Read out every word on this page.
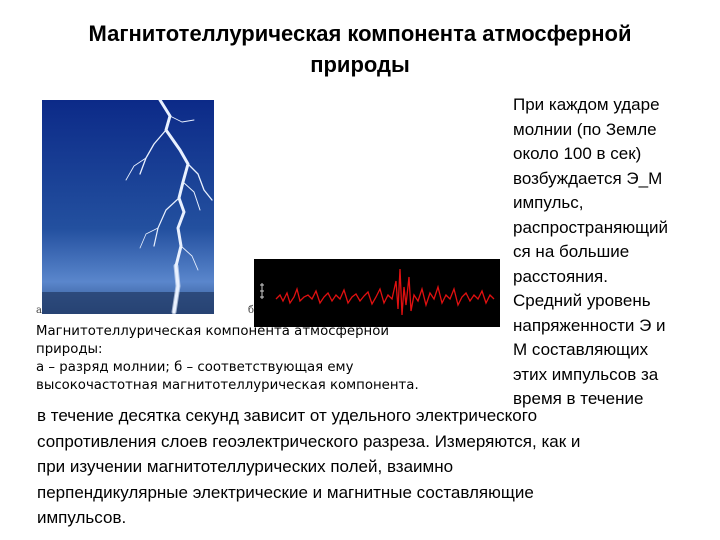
Магнитотеллурическая компонента атмосферной
природы
а	б
Магнитотеллурическая компонента атмосферной
природы:
а – разряд молнии; б – соответствующая ему
высокочастотная магнитотеллурическая компонента.
При каждом ударе
молнии (по Земле
около 100 в сек)
возбуждается Э_М
импульс,
распространяющий
ся на большие
расстояния.
Средний уровень
напряженности Э и
М составляющих
этих импульсов за
время в течение
в течение десятка секунд зависит от удельного электрического
сопротивления слоев геоэлектрического разреза. Измеряются, как и
при изучении магнитотеллурических полей, взаимно
перпендикулярные электрические и магнитные составляющие
импульсов.
